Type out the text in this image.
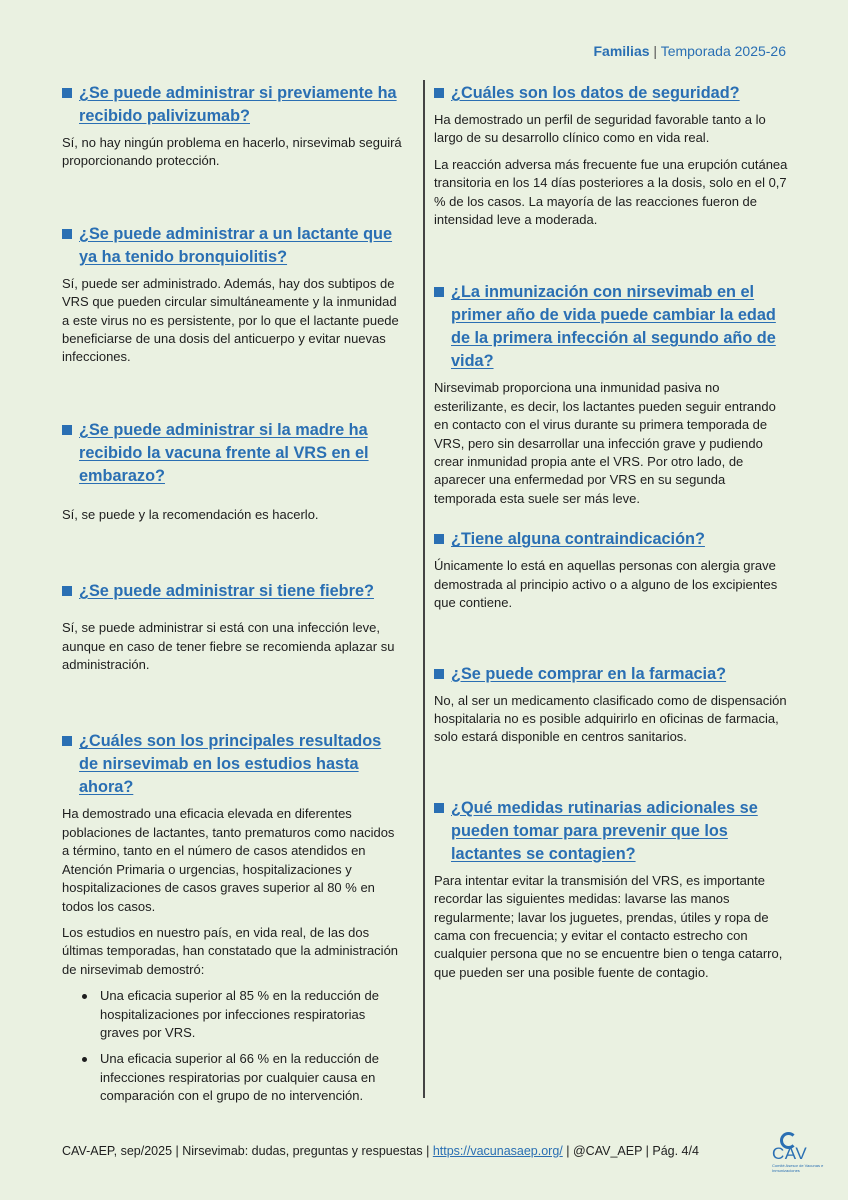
Familias | Temporada 2025-26
¿Se puede administrar si previamente ha recibido palivizumab?

Sí, no hay ningún problema en hacerlo, nirsevimab seguirá proporcionando protección.

¿Se puede administrar a un lactante que ya ha tenido bronquiolitis?

Sí, puede ser administrado. Además, hay dos subtipos de VRS que pueden circular simultáneamente y la inmunidad a este virus no es persistente, por lo que el lactante puede beneficiarse de una dosis del anticuerpo y evitar nuevas infecciones.

¿Se puede administrar si la madre ha recibido la vacuna frente al VRS en el embarazo?

Sí, se puede y la recomendación es hacerlo.

¿Se puede administrar si tiene fiebre?

Sí, se puede administrar si está con una infección leve, aunque en caso de tener fiebre se recomienda aplazar su administración.

¿Cuáles son los principales resultados de nirsevimab en los estudios hasta ahora?

Ha demostrado una eficacia elevada en diferentes poblaciones de lactantes, tanto prematuros como nacidos a término, tanto en el número de casos atendidos en Atención Primaria o urgencias, hospitalizaciones y hospitalizaciones de casos graves superior al 80 % en todos los casos.

Los estudios en nuestro país, en vida real, de las dos últimas temporadas, han constatado que la administración de nirsevimab demostró:

Una eficacia superior al 85 % en la reducción de hospitalizaciones por infecciones respiratorias graves por VRS.
Una eficacia superior al 66 % en la reducción de infecciones respiratorias por cualquier causa en comparación con el grupo de no intervención.
¿Cuáles son los datos de seguridad?

Ha demostrado un perfil de seguridad favorable tanto a lo largo de su desarrollo clínico como en vida real.

La reacción adversa más frecuente fue una erupción cutánea transitoria en los 14 días posteriores a la dosis, solo en el 0,7 % de los casos. La mayoría de las reacciones fueron de intensidad leve a moderada.

¿La inmunización con nirsevimab en el primer año de vida puede cambiar la edad de la primera infección al segundo año de vida?

Nirsevimab proporciona una inmunidad pasiva no esterilizante, es decir, los lactantes pueden seguir entrando en contacto con el virus durante su primera temporada de VRS, pero sin desarrollar una infección grave y pudiendo crear inmunidad propia ante el VRS. Por otro lado, de aparecer una enfermedad por VRS en su segunda temporada esta suele ser más leve.

¿Tiene alguna contraindicación?

Únicamente lo está en aquellas personas con alergia grave demostrada al principio activo o a alguno de los excipientes que contiene.

¿Se puede comprar en la farmacia?

No, al ser un medicamento clasificado como de dispensación hospitalaria no es posible adquirirlo en oficinas de farmacia, solo estará disponible en centros sanitarios.

¿Qué medidas rutinarias adicionales se pueden tomar para prevenir que los lactantes se contagien?

Para intentar evitar la transmisión del VRS, es importante recordar las siguientes medidas: lavarse las manos regularmente; lavar los juguetes, prendas, útiles y ropa de cama con frecuencia; y evitar el contacto estrecho con cualquier persona que no se encuentre bien o tenga catarro, que pueden ser una posible fuente de contagio.

CAV-AEP, sep/2025 | Nirsevimab: dudas, preguntas y respuestas | https://vacunasaep.org/ | @CAV_AEP | Pág. 4/4	CAV
Comité Asesor de Vacunas e Inmunizaciones
